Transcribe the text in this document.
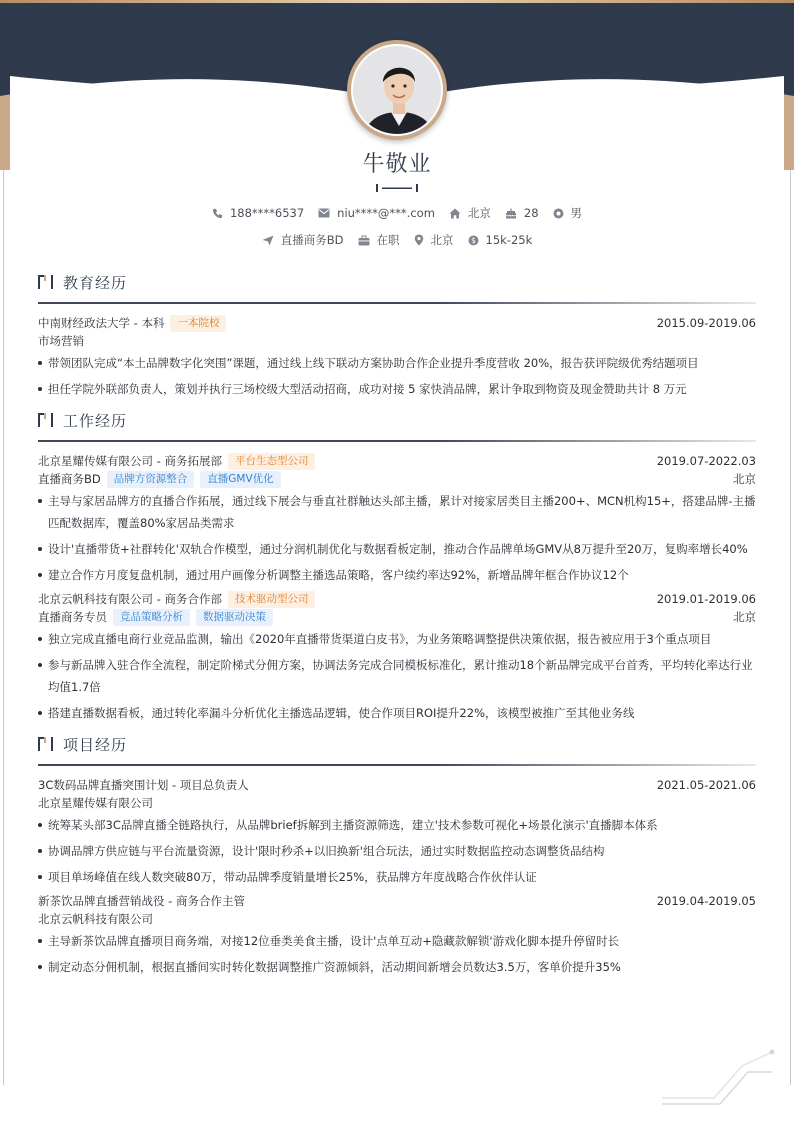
牛敬业
188****6537	niu****@***.com	北京	28	男
直播商务BD	在职	北京 $ 15k-25k
教育经历
中南财经政法大学 - 本科	一本院校	2015.09-2019.06
市场营销
带领团队完成“本土品牌数字化突围”课题，通过线上线下联动方案协助合作企业提升季度营收 20%，报告获评院级优秀结题项目
担任学院外联部负责人，策划并执行三场校级大型活动招商，成功对接 5 家快消品牌，累计争取到物资及现金赞助共计 8 万元
工作经历
北京星耀传媒有限公司 - 商务拓展部	平台生态型公司	2019.07-2022.03
直播商务BD	品牌方资源整合	直播GMV优化	北京
主导与家居品牌方的直播合作拓展，通过线下展会与垂直社群触达头部主播，累计对接家居类目主播200+、MCN机构15+，搭建品牌-主播匹配数据库，覆盖80%家居品类需求
设计'直播带货+社群转化'双轨合作模型，通过分润机制优化与数据看板定制，推动合作品牌单场GMV从8万提升至20万，复购率增长40%
建立合作方月度复盘机制，通过用户画像分析调整主播选品策略，客户续约率达92%，新增品牌年框合作协议12个
北京云帆科技有限公司 - 商务合作部	技术驱动型公司	2019.01-2019.06
直播商务专员	竞品策略分析	数据驱动决策	北京
独立完成直播电商行业竞品监测，输出《2020年直播带货渠道白皮书》，为业务策略调整提供决策依据，报告被应用于3个重点项目
参与新品牌入驻合作全流程，制定阶梯式分佣方案，协调法务完成合同模板标准化，累计推动18个新品牌完成平台首秀，平均转化率达行业均值1.7倍
搭建直播数据看板，通过转化率漏斗分析优化主播选品逻辑，使合作项目ROI提升22%，该模型被推广至其他业务线
项目经历
3C数码品牌直播突围计划 - 项目总负责人	2021.05-2021.06
北京星耀传媒有限公司
统筹某头部3C品牌直播全链路执行，从品牌brief拆解到主播资源筛选，建立'技术参数可视化+场景化演示'直播脚本体系
协调品牌方供应链与平台流量资源，设计'限时秒杀+以旧换新'组合玩法，通过实时数据监控动态调整货品结构
项目单场峰值在线人数突破80万，带动品牌季度销量增长25%，获品牌方年度战略合作伙伴认证
新茶饮品牌直播营销战役 - 商务合作主管	2019.04-2019.05
北京云帆科技有限公司
主导新茶饮品牌直播项目商务端，对接12位垂类美食主播，设计'点单互动+隐藏款解锁'游戏化脚本提升停留时长
制定动态分佣机制，根据直播间实时转化数据调整推广资源倾斜，活动期间新增会员数达3.5万，客单价提升35%
